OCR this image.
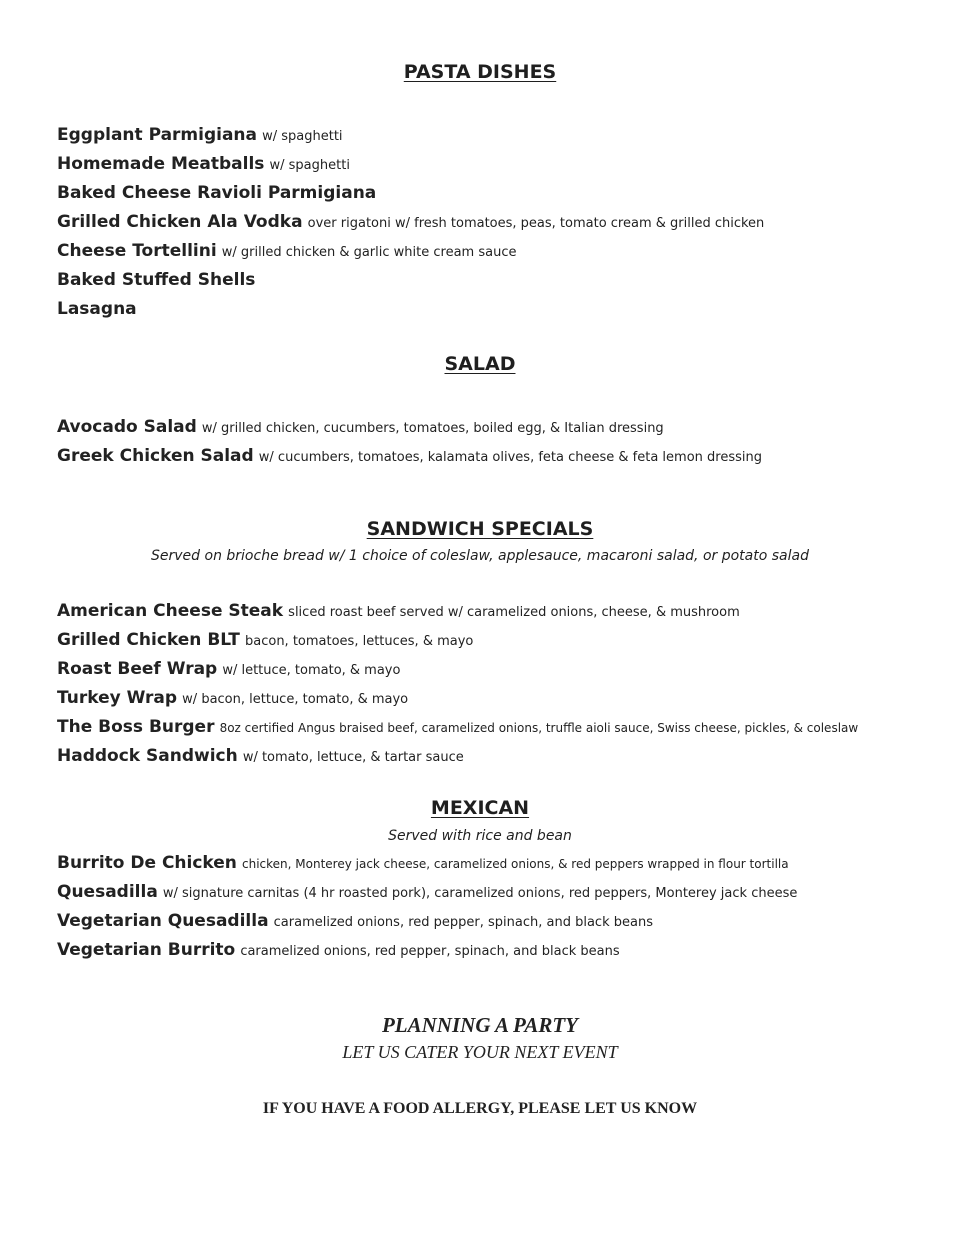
PASTA DISHES
Eggplant Parmigiana w/ spaghetti
Homemade Meatballs w/ spaghetti
Baked Cheese Ravioli Parmigiana
Grilled Chicken Ala Vodka over rigatoni w/ fresh tomatoes, peas, tomato cream & grilled chicken
Cheese Tortellini w/ grilled chicken & garlic white cream sauce
Baked Stuffed Shells
Lasagna
SALAD
Avocado Salad w/ grilled chicken, cucumbers, tomatoes, boiled egg, & Italian dressing
Greek Chicken Salad w/ cucumbers, tomatoes, kalamata olives, feta cheese & feta lemon dressing
SANDWICH SPECIALS
Served on brioche bread w/ 1 choice of coleslaw, applesauce, macaroni salad, or potato salad
American Cheese Steak sliced roast beef served w/ caramelized onions, cheese, & mushroom
Grilled Chicken BLT bacon, tomatoes, lettuces, & mayo
Roast Beef Wrap w/ lettuce, tomato, & mayo
Turkey Wrap w/ bacon, lettuce, tomato, & mayo
The Boss Burger 8oz certified Angus braised beef, caramelized onions, truffle aioli sauce, Swiss cheese, pickles, & coleslaw
Haddock Sandwich w/ tomato, lettuce, & tartar sauce
MEXICAN
Served with rice and bean
Burrito De Chicken chicken, Monterey jack cheese, caramelized onions, & red peppers wrapped in flour tortilla
Quesadilla w/ signature carnitas (4 hr roasted pork), caramelized onions, red peppers, Monterey jack cheese
Vegetarian Quesadilla caramelized onions, red pepper, spinach, and black beans
Vegetarian Burrito caramelized onions, red pepper, spinach, and black beans
PLANNING A PARTY
LET US CATER YOUR NEXT EVENT
IF YOU HAVE A FOOD ALLERGY, PLEASE LET US KNOW
